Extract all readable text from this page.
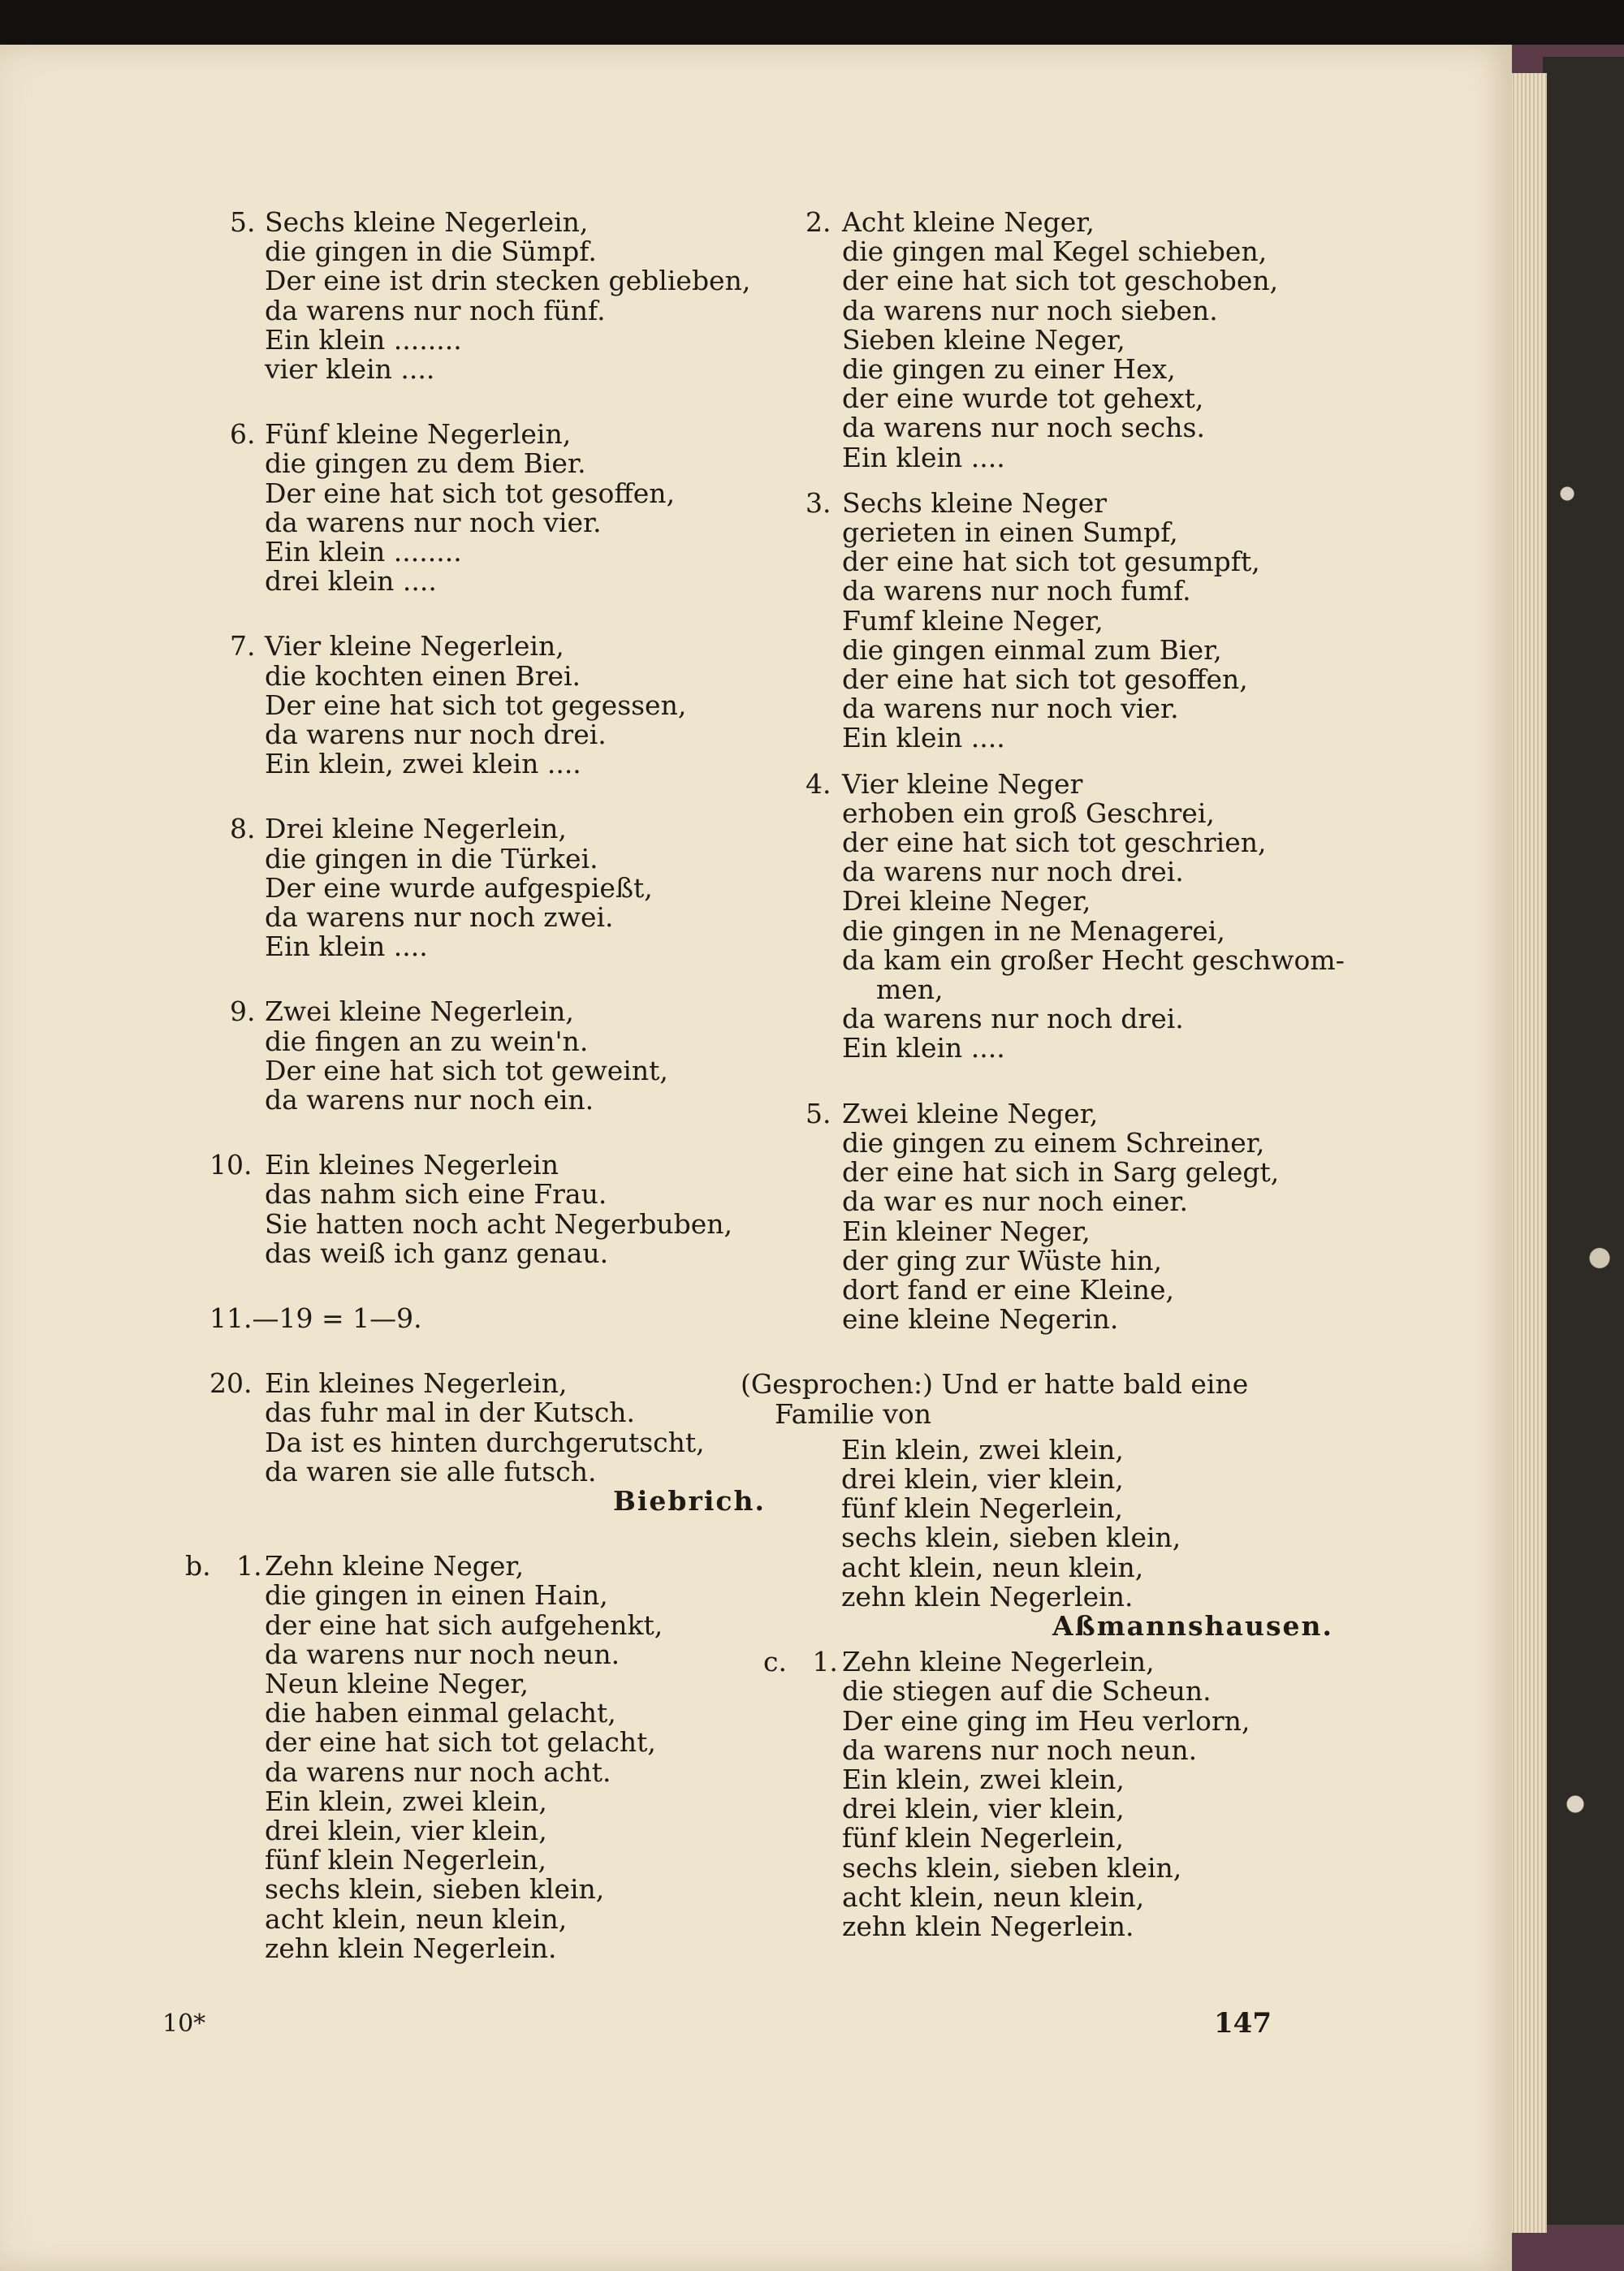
5. Sechs kleine Negerlein,
die gingen in die Sümpf.
Der eine ist drin stecken geblieben,
da warens nur noch fünf.
Ein klein ........
vier klein ....
6. Fünf kleine Negerlein,
die gingen zu dem Bier.
Der eine hat sich tot gesoffen,
da warens nur noch vier.
Ein klein ........
drei klein ....
7. Vier kleine Negerlein,
die kochten einen Brei.
Der eine hat sich tot gegessen,
da warens nur noch drei.
Ein klein, zwei klein ....
8. Drei kleine Negerlein,
die gingen in die Türkei.
Der eine wurde aufgespießt,
da warens nur noch zwei.
Ein klein ....
9. Zwei kleine Negerlein,
die fingen an zu wein'n.
Der eine hat sich tot geweint,
da warens nur noch ein.
10. Ein kleines Negerlein
das nahm sich eine Frau.
Sie hatten noch acht Negerbuben,
das weiß ich ganz genau.
11.—19 = 1—9.
20. Ein kleines Negerlein,
das fuhr mal in der Kutsch.
Da ist es hinten durchgerutscht,
da waren sie alle futsch.
Biebrich.
b.   1. Zehn kleine Neger,
die gingen in einen Hain,
der eine hat sich aufgehenkt,
da warens nur noch neun.
Neun kleine Neger,
die haben einmal gelacht,
der eine hat sich tot gelacht,
da warens nur noch acht.
Ein klein, zwei klein,
drei klein, vier klein,
fünf klein Negerlein,
sechs klein, sieben klein,
acht klein, neun klein,
zehn klein Negerlein.
2. Acht kleine Neger,
die gingen mal Kegel schieben,
der eine hat sich tot geschoben,
da warens nur noch sieben.
Sieben kleine Neger,
die gingen zu einer Hex,
der eine wurde tot gehext,
da warens nur noch sechs.
Ein klein ....
3. Sechs kleine Neger
gerieten in einen Sumpf,
der eine hat sich tot gesumpft,
da warens nur noch fumf.
Fumf kleine Neger,
die gingen einmal zum Bier,
der eine hat sich tot gesoffen,
da warens nur noch vier.
Ein klein ....
4. Vier kleine Neger
erhoben ein groß Geschrei,
der eine hat sich tot geschrien,
da warens nur noch drei.
Drei kleine Neger,
die gingen in ne Menagerei,
da kam ein großer Hecht geschwom-
men,
da warens nur noch drei.
Ein klein ....
5. Zwei kleine Neger,
die gingen zu einem Schreiner,
der eine hat sich in Sarg gelegt,
da war es nur noch einer.
Ein kleiner Neger,
der ging zur Wüste hin,
dort fand er eine Kleine,
eine kleine Negerin.
(Gesprochen:) Und er hatte bald eine
Familie von
Ein klein, zwei klein,
drei klein, vier klein,
fünf klein Negerlein,
sechs klein, sieben klein,
acht klein, neun klein,
zehn klein Negerlein.
Aßmannshausen.
c.   1. Zehn kleine Negerlein,
die stiegen auf die Scheun.
Der eine ging im Heu verlorn,
da warens nur noch neun.
Ein klein, zwei klein,
drei klein, vier klein,
fünf klein Negerlein,
sechs klein, sieben klein,
acht klein, neun klein,
zehn klein Negerlein.
10*	147
